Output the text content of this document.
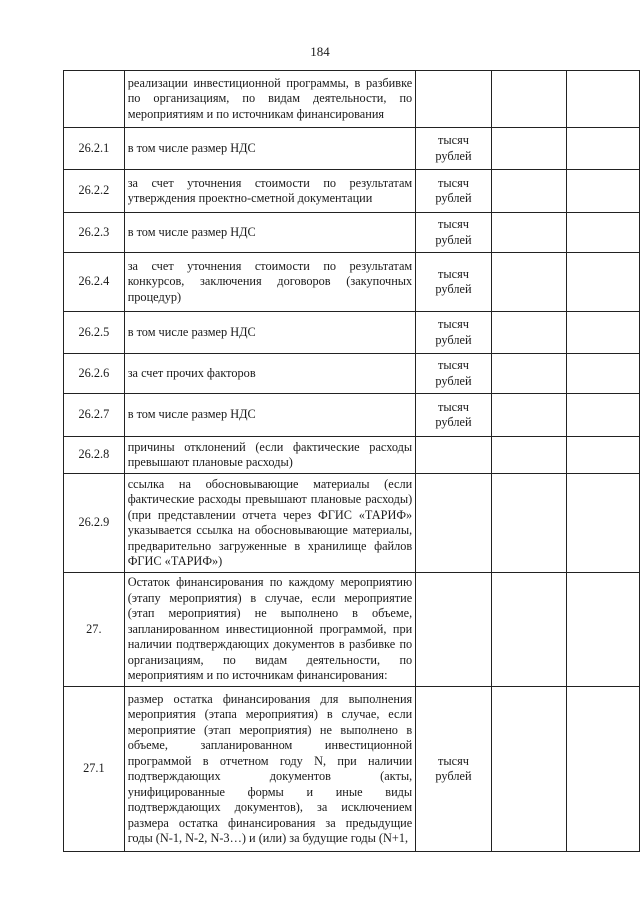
184
	реализации инвестиционной программы, в разбивке по организациям, по видам деятельности, по мероприятиям и по источникам финансирования			
26.2.1	в том числе размер НДС	тысяч рублей		
26.2.2	за счет уточнения стоимости по результатам утверждения проектно-сметной документации	тысяч рублей		
26.2.3	в том числе размер НДС	тысяч рублей		
26.2.4	за счет уточнения стоимости по результатам конкурсов, заключения договоров (закупочных процедур)	тысяч рублей		
26.2.5	в том числе размер НДС	тысяч рублей		
26.2.6	за счет прочих факторов	тысяч рублей		
26.2.7	в том числе размер НДС	тысяч рублей		
26.2.8	причины отклонений (если фактические расходы превышают плановые расходы)			
26.2.9	ссылка на обосновывающие материалы (если фактические расходы превышают плановые расходы) (при представлении отчета через ФГИС «ТАРИФ» указывается ссылка на обосновывающие материалы, предварительно загруженные в хранилище файлов ФГИС «ТАРИФ»)			
27.	Остаток финансирования по каждому мероприятию (этапу мероприятия) в случае, если мероприятие (этап мероприятия) не выполнено в объеме, запланированном инвестиционной программой, при наличии подтверждающих документов в разбивке по организациям, по видам деятельности, по мероприятиям и по источникам финансирования:			
27.1	размер остатка финансирования для выполнения мероприятия (этапа мероприятия) в случае, если мероприятие (этап мероприятия) не выполнено в объеме, запланированном инвестиционной программой в отчетном году N, при наличии подтверждающих документов (акты, унифицированные формы и иные виды подтверждающих документов), за исключением размера остатка финансирования за предыдущие годы (N-1, N-2, N-3…) и (или) за будущие годы (N+1,	тысяч рублей		
